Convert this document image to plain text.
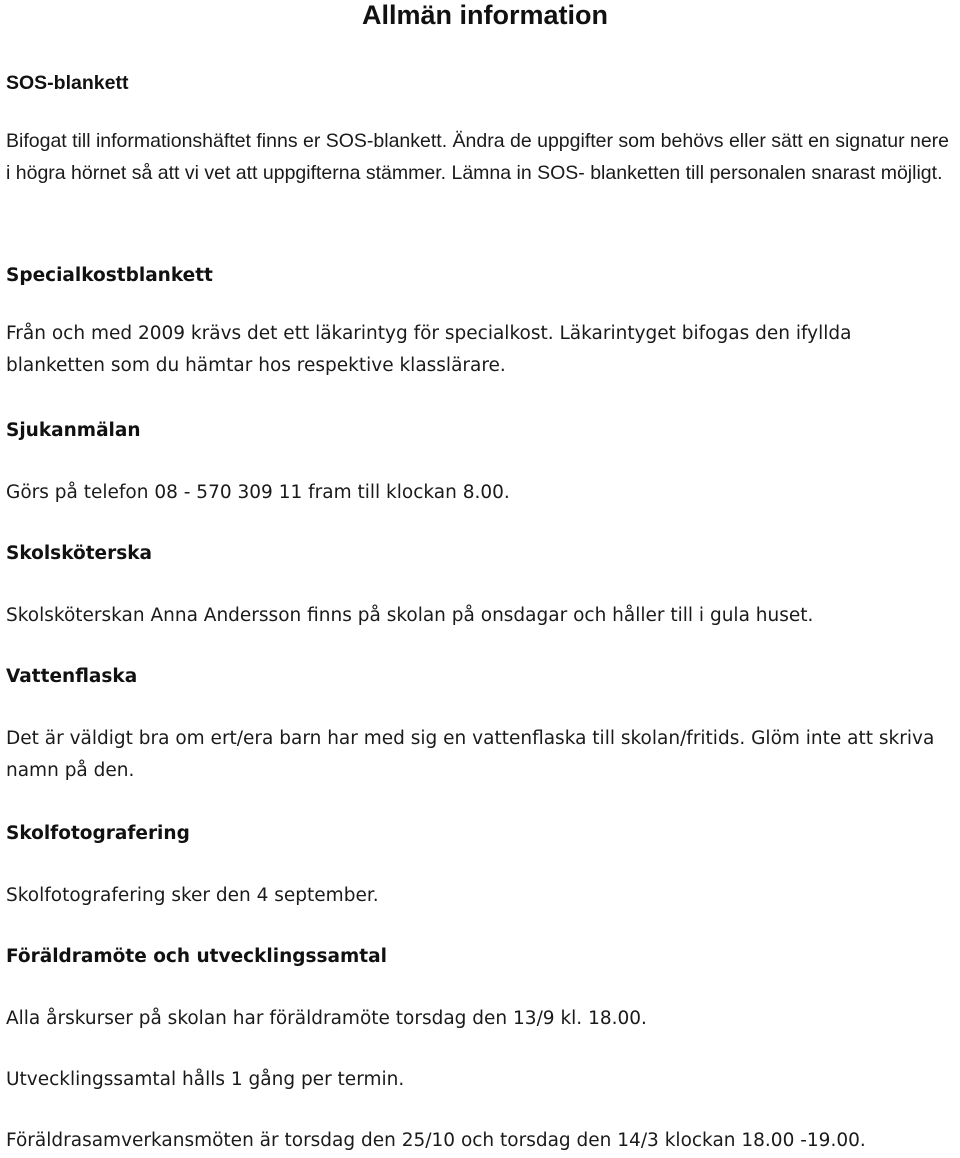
Allmän information
SOS-blankett
Bifogat till informationshäftet finns er SOS-blankett. Ändra de uppgifter som behövs eller sätt en signatur nere i högra hörnet så att vi vet att uppgifterna stämmer. Lämna in SOS- blanketten till personalen snarast möjligt.
Specialkostblankett
Från och med 2009 krävs det ett läkarintyg för specialkost. Läkarintyget bifogas den ifyllda blanketten som du hämtar hos respektive klasslärare.
Sjukanmälan
Görs på telefon 08 - 570 309 11 fram till klockan 8.00.
Skolsköterska
Skolsköterskan Anna Andersson finns på skolan på onsdagar och håller till i gula huset.
Vattenflaska
Det är väldigt bra om ert/era barn har med sig en vattenflaska till skolan/fritids. Glöm inte att skriva namn på den.
Skolfotografering
Skolfotografering sker den 4 september.
Föräldramöte och utvecklingssamtal
Alla årskurser på skolan har föräldramöte torsdag den 13/9 kl. 18.00.
Utvecklingssamtal hålls 1 gång per termin.
Föräldrasamverkansmöten är torsdag den 25/10 och torsdag den 14/3 klockan 18.00 -19.00.
